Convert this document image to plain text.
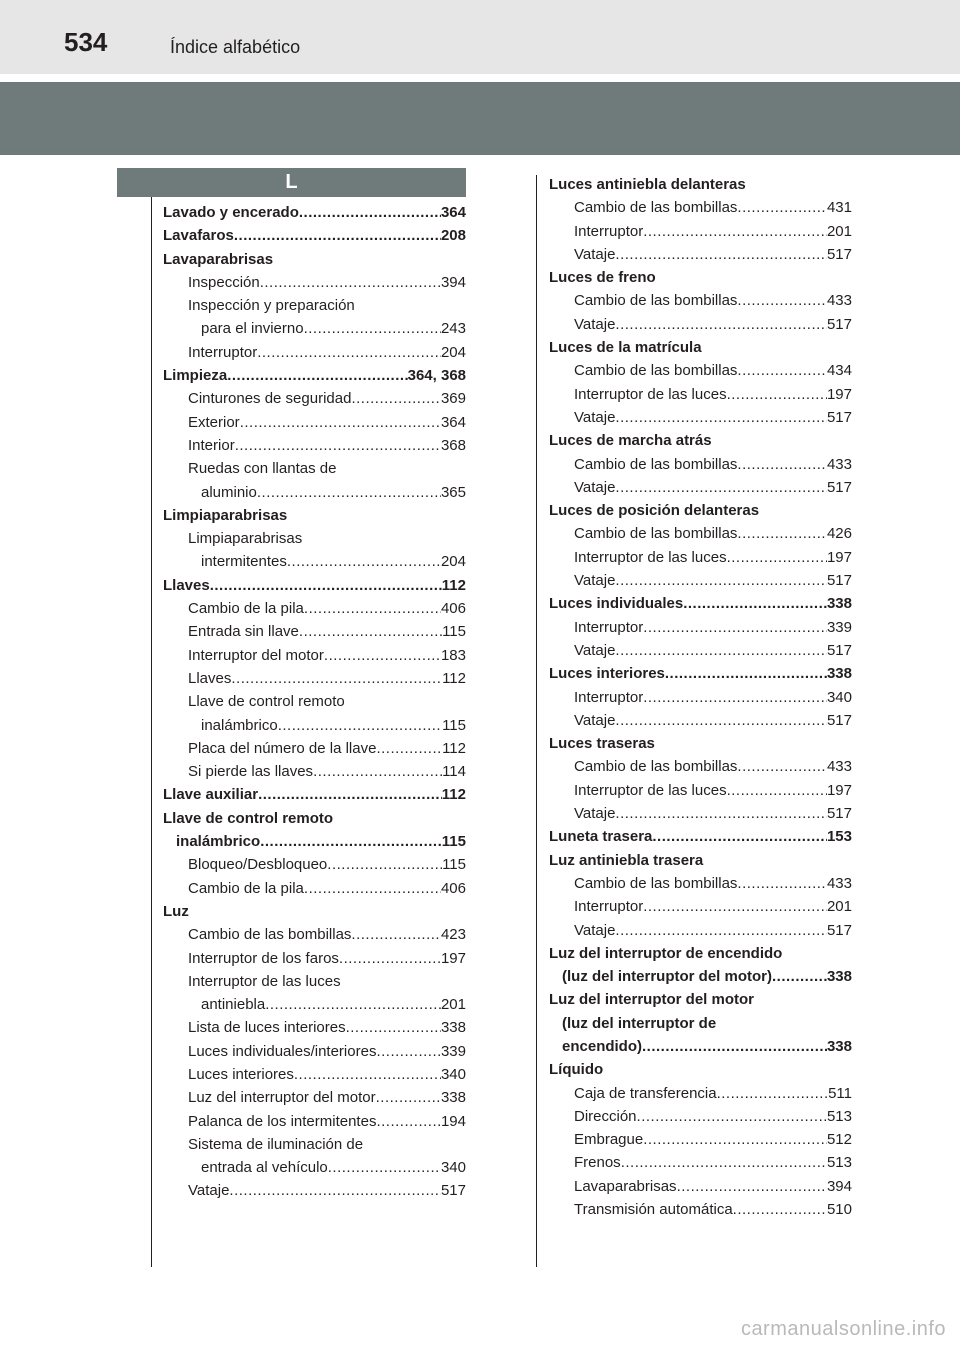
534	Índice alfabético
L
Lavado y encerado .....	364
Lavafaros .....	208
Lavaparabrisas
Inspección .....	394
Inspección y preparación
para el invierno .....	243
Interruptor .....	204
Limpieza .....	364, 368
Cinturones de seguridad .....	369
Exterior .....	364
Interior .....	368
Ruedas con llantas de
aluminio .....	365
Limpiaparabrisas
Limpiaparabrisas
intermitentes .....	204
Llaves .....	112
Cambio de la pila .....	406
Entrada sin llave .....	115
Interruptor del motor .....	183
Llaves .....	112
Llave de control remoto
inalámbrico .....	115
Placa del número de la llave .....	112
Si pierde las llaves .....	114
Llave auxiliar .....	112
Llave de control remoto
inalámbrico .....	115
Bloqueo/Desbloqueo .....	115
Cambio de la pila .....	406
Luz
Cambio de las bombillas .....	423
Interruptor de los faros .....	197
Interruptor de las luces
antiniebla .....	201
Lista de luces interiores .....	338
Luces individuales/interiores .....	339
Luces interiores .....	340
Luz del interruptor del motor .....	338
Palanca de los intermitentes .....	194
Sistema de iluminación de
entrada al vehículo .....	340
Vataje .....	517
Luces antiniebla delanteras
Cambio de las bombillas .....	431
Interruptor .....	201
Vataje .....	517
Luces de freno
Cambio de las bombillas .....	433
Vataje .....	517
Luces de la matrícula
Cambio de las bombillas .....	434
Interruptor de las luces .....	197
Vataje .....	517
Luces de marcha atrás
Cambio de las bombillas .....	433
Vataje .....	517
Luces de posición delanteras
Cambio de las bombillas .....	426
Interruptor de las luces .....	197
Vataje .....	517
Luces individuales .....	338
Interruptor .....	339
Vataje .....	517
Luces interiores .....	338
Interruptor .....	340
Vataje .....	517
Luces traseras
Cambio de las bombillas .....	433
Interruptor de las luces .....	197
Vataje .....	517
Luneta trasera .....	153
Luz antiniebla trasera
Cambio de las bombillas .....	433
Interruptor .....	201
Vataje .....	517
Luz del interruptor de encendido
(luz del interruptor del motor) .....	338
Luz del interruptor del motor
(luz del interruptor de
encendido) .....	338
Líquido
Caja de transferencia .....	511
Dirección .....	513
Embrague .....	512
Frenos .....	513
Lavaparabrisas .....	394
Transmisión automática .....	510
carmanualsonline.info
